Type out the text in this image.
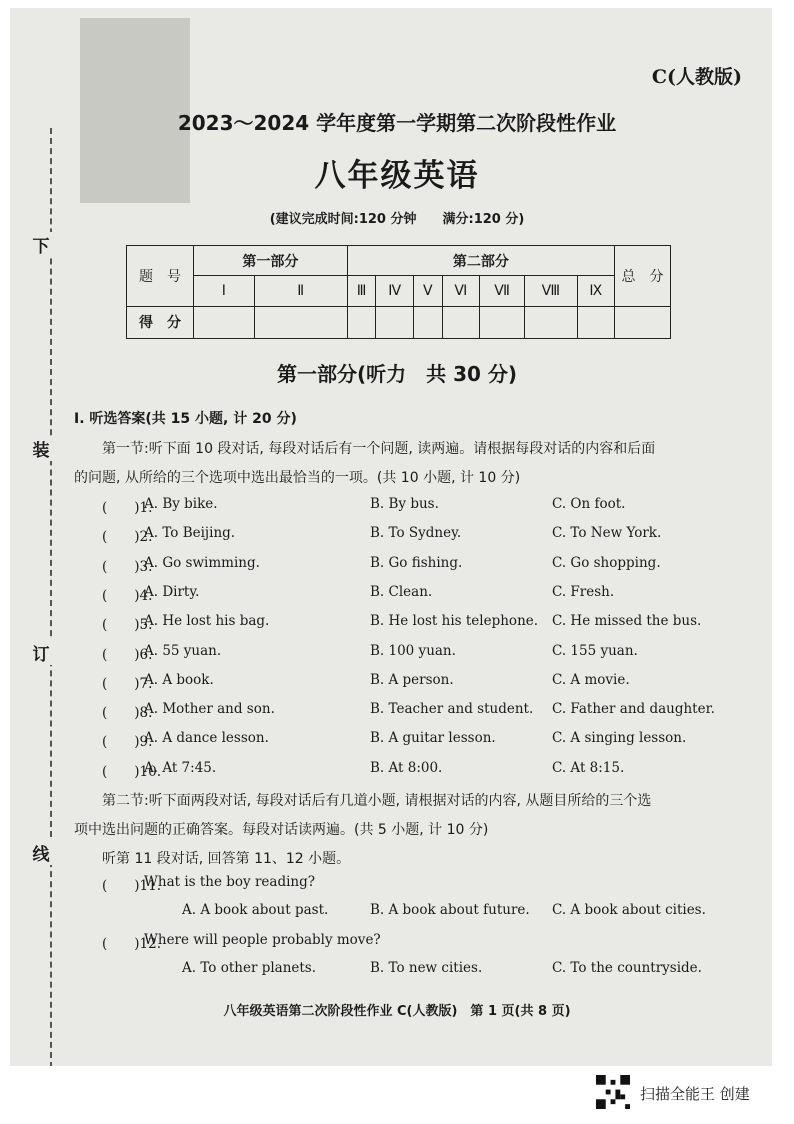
下
装
订
线
C(人教版)
2023～2024 学年度第一学期第二次阶段性作业
八年级英语
(建议完成时间:120 分钟　　满分:120 分)
题　号	第一部分		第二部分							总　分
	Ⅰ	Ⅱ	Ⅲ	Ⅳ	Ⅴ	Ⅵ	Ⅶ	Ⅷ	Ⅸ	
得　分										
第一部分(听力　共 30 分)
Ⅰ. 听选答案(共 15 小题, 计 20 分)
第一节:听下面 10 段对话, 每段对话后有一个问题, 读两遍。请根据每段对话的内容和后面
的问题, 从所给的三个选项中选出最恰当的一项。(共 10 小题, 计 10 分)
(　　)1.
A. By bike.	B. By bus.	C. On foot.
(　　)2.
A. To Beijing.	B. To Sydney.	C. To New York.
(　　)3.
A. Go swimming.	B. Go fishing.	C. Go shopping.
(　　)4.
A. Dirty.	B. Clean.	C. Fresh.
(　　)5.
A. He lost his bag.	B. He lost his telephone. C. He missed the bus.
(　　)6.
A. 55 yuan.	B. 100 yuan.	C. 155 yuan.
(　　)7.
A. A book.	B. A person.	C. A movie.
(　　)8.
A. Mother and son.	B. Teacher and student. C. Father and daughter.
(　　)9.
A. A dance lesson.	B. A guitar lesson.	C. A singing lesson.
(　　)10.
A. At 7:45.	B. At 8:00.	C. At 8:15.
第二节:听下面两段对话, 每段对话后有几道小题, 请根据对话的内容, 从题目所给的三个选
项中选出问题的正确答案。每段对话读两遍。(共 5 小题, 计 10 分)
听第 11 段对话, 回答第 11、12 小题。
(　　)11.
What is the boy reading?
A. A book about past.	B. A book about future. C. A book about cities.
(　　)12.
Where will people probably move?
A. To other planets.	B. To new cities.	C. To the countryside.
八年级英语第二次阶段性作业 C(人教版)　第 1 页(共 8 页)
扫描全能王 创建
